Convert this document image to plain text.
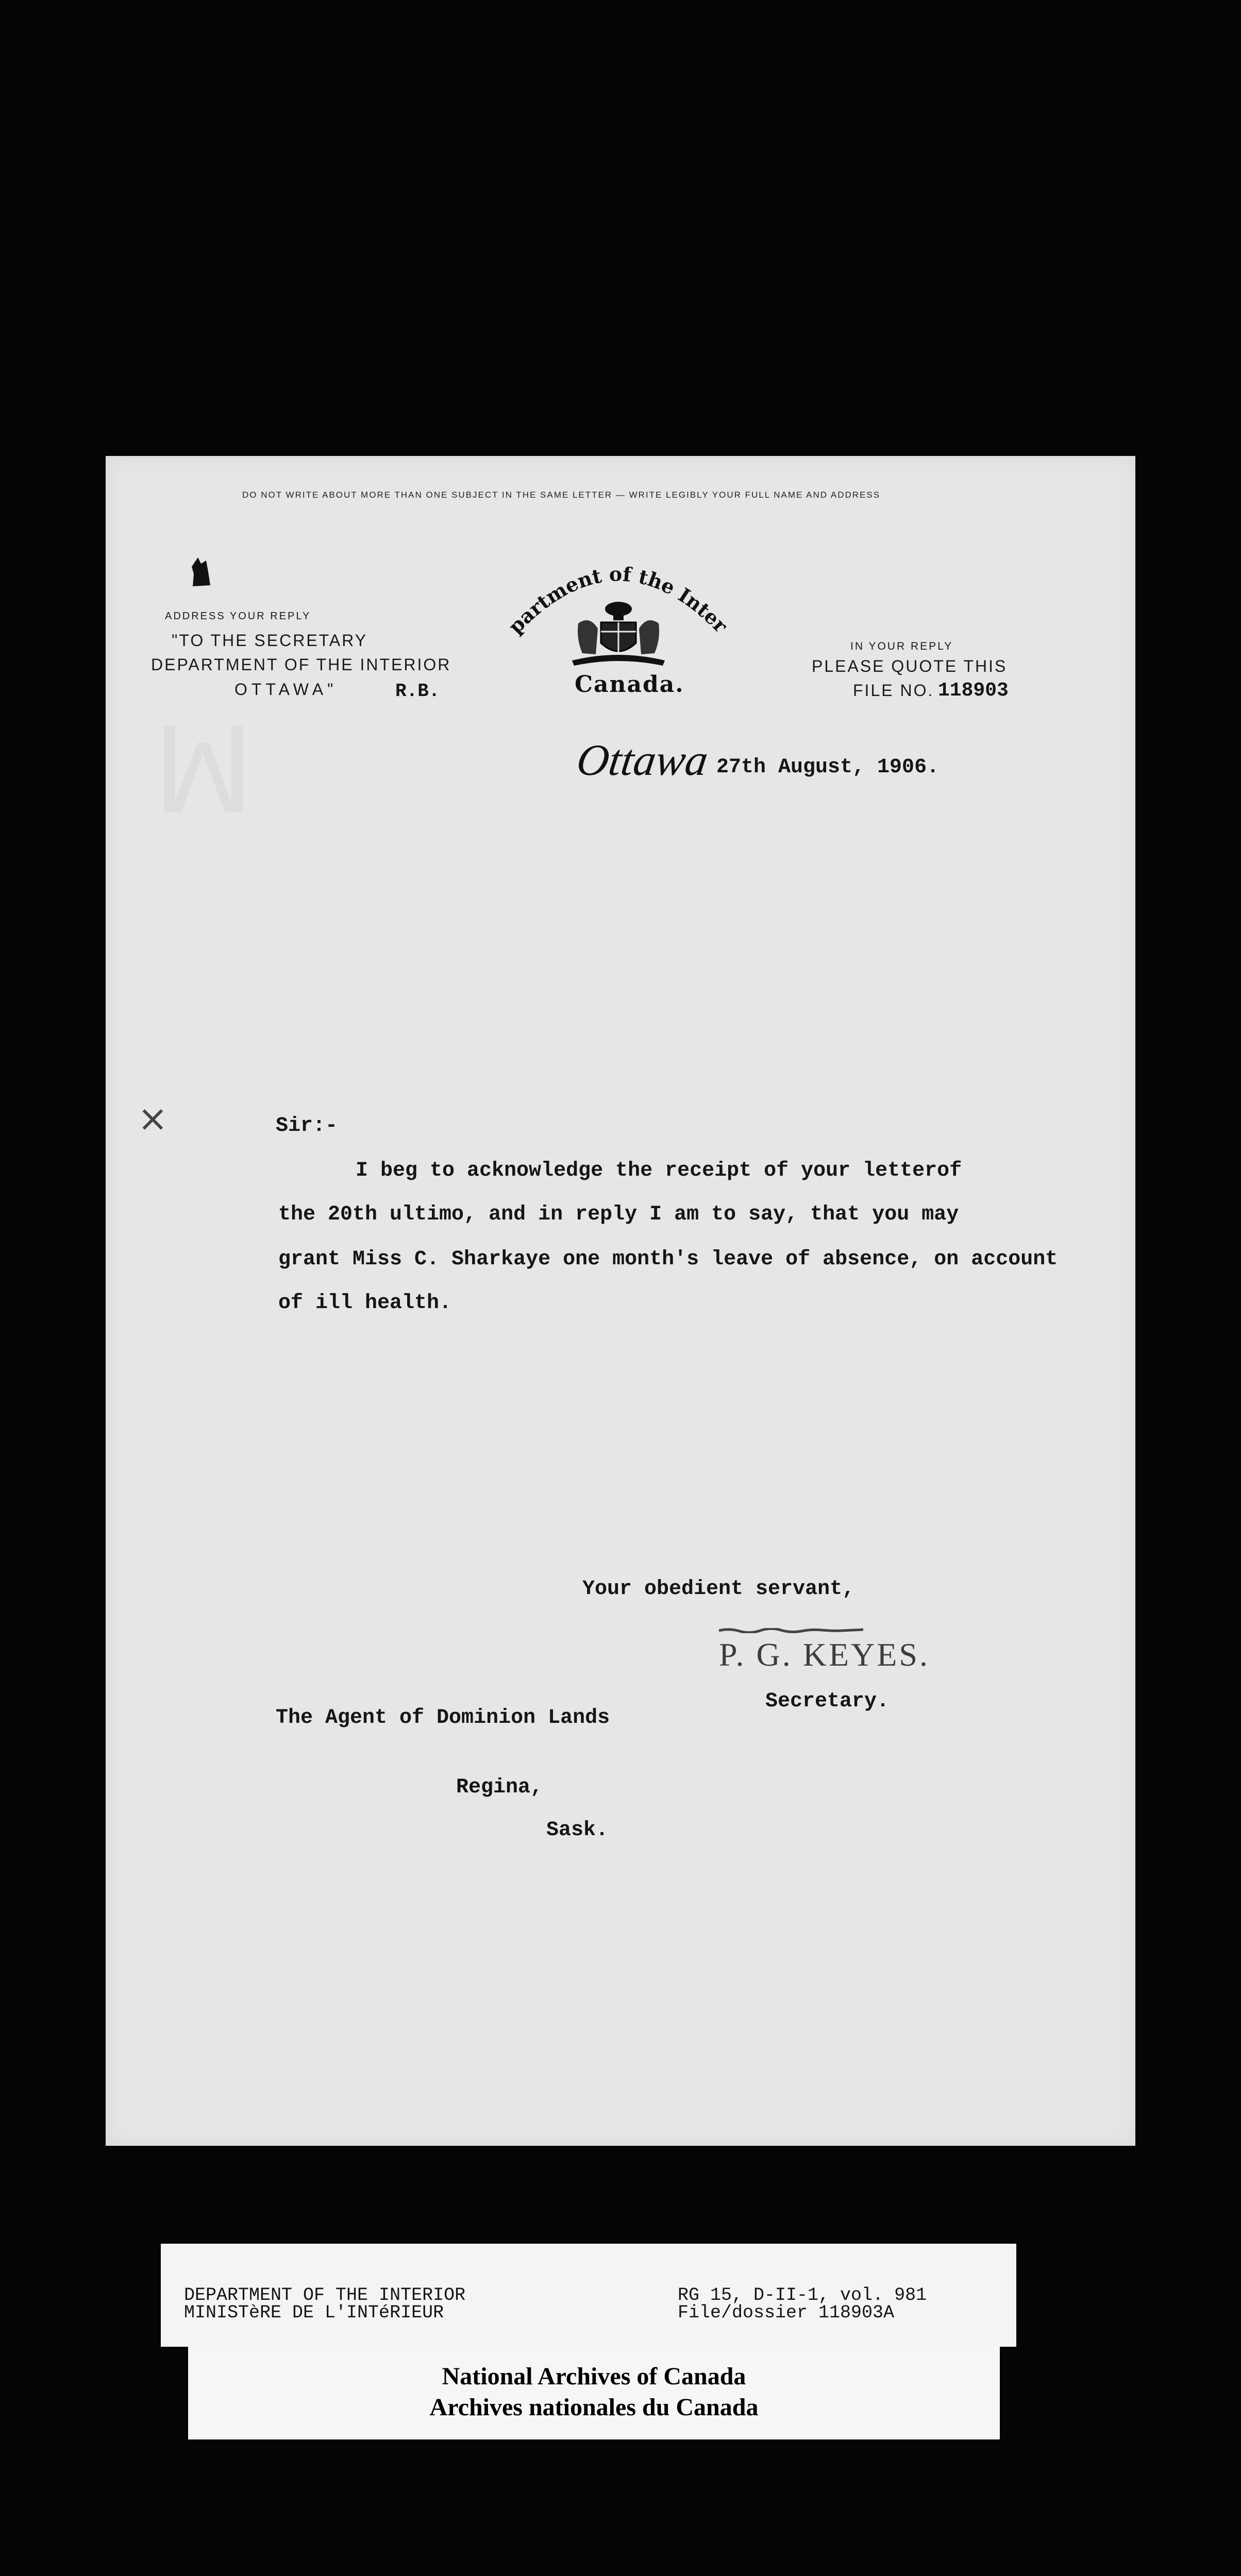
DO NOT WRITE ABOUT MORE THAN ONE SUBJECT IN THE SAME LETTER — WRITE LEGIBLY YOUR FULL NAME AND ADDRESS
ADDRESS YOUR REPLY
"TO THE SECRETARY
DEPARTMENT OF THE INTERIOR
OTTAWA"	R.B.
artment of the Inte
Canada.
IN YOUR REPLY
PLEASE QUOTE THIS
FILE NO. 118903
Ottawa 27th August, 1906.
×	Sir:-
I beg to acknowledge the receipt of your letterof
the 20th ultimo, and in reply I am to say, that you may
grant Miss C. Sharkaye one month's leave of absence, on account
of ill health.
Your obedient servant,
P. G. KEYES.
Secretary.
The Agent of Dominion Lands
Regina,
Sask.
DEPARTMENT OF THE INTERIOR
MINISTèRE DE L'INTéRIEUR
RG 15, D-II-1, vol. 981
File/dossier 118903A
National Archives of Canada
Archives nationales du Canada
